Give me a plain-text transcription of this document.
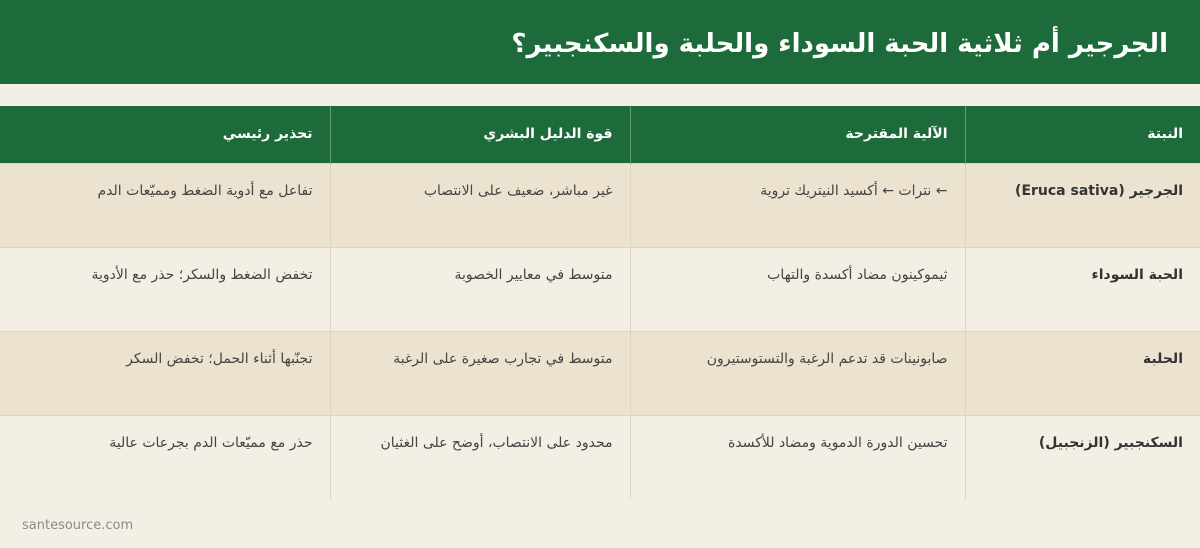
الجرجير أم ثلاثية الحبة السوداء والحلبة والسكنجبير؟
النبتة	الآلية المقترحة	قوة الدليل البشري	تحذير رئيسي
الجرجير (Eruca sativa)	← نترات ← أكسيد النيتريك تروية	غير مباشر، ضعيف على الانتصاب	تفاعل مع أدوية الضغط ومميّعات الدم
الحبة السوداء	ثيموكينون مضاد أكسدة والتهاب	متوسط في معايير الخصوبة	تخفض الضغط والسكر؛ حذر مع الأدوية
الحلبة	صابونينات قد تدعم الرغبة والتستوستيرون	متوسط في تجارب صغيرة على الرغبة	تجنّبها أثناء الحمل؛ تخفض السكر
السكنجبير (الزنجبيل)	تحسين الدورة الدموية ومضاد للأكسدة	محدود على الانتصاب، أوضح على الغثيان	حذر مع مميّعات الدم بجرعات عالية
santesource.com
